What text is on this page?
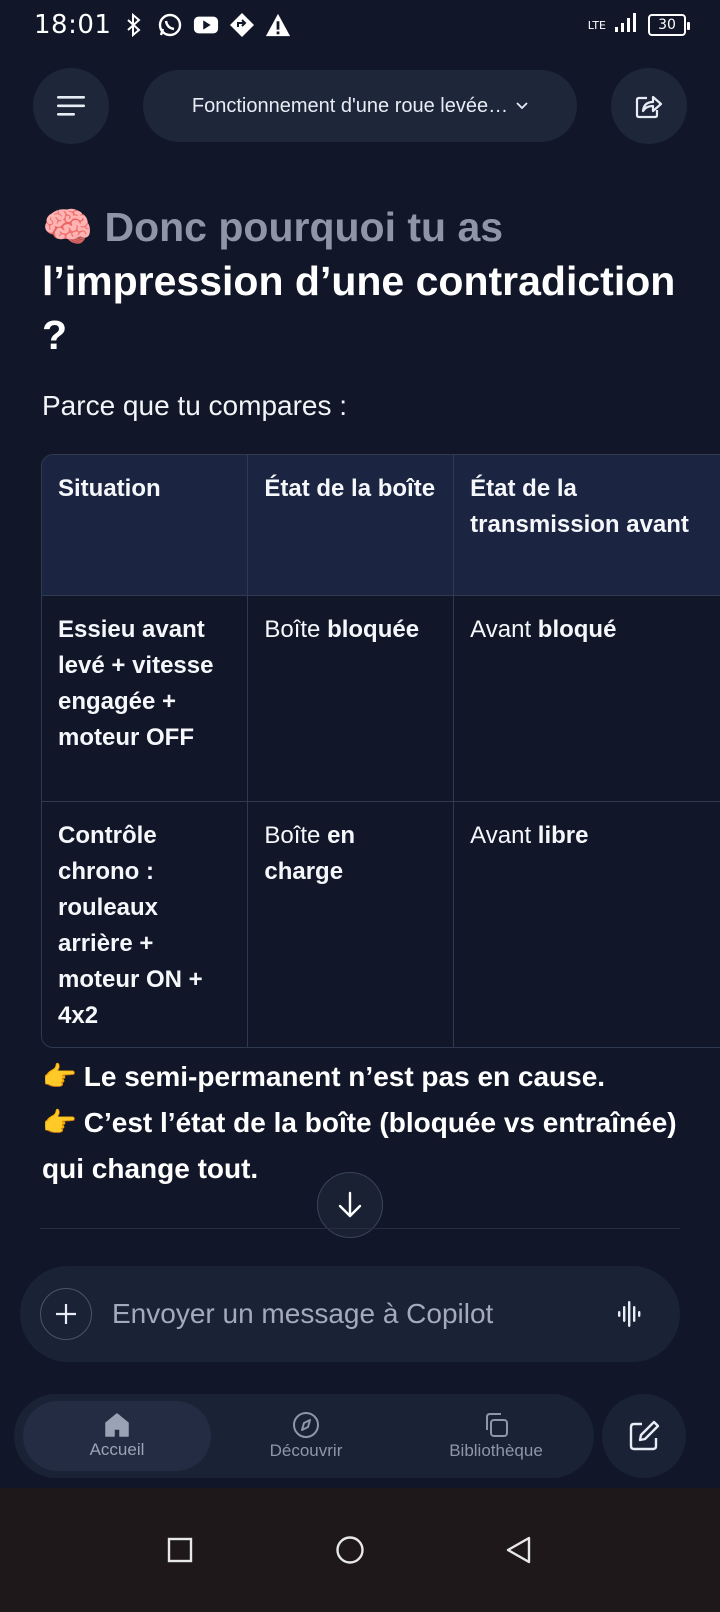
18:01	LTE	30
Fonctionnement d'une roue levée…
🧠 Donc pourquoi tu as
l’impression d’une contradiction ?
Parce que tu compares :
Situation	État de la boîte	État de la transmission avant
Essieu avant levé + vitesse engagée + moteur OFF	Boîte bloquée	Avant bloqué
Contrôle chrono : rouleaux arrière + moteur ON + 4x2	Boîte en charge	Avant libre
👉 Le semi-permanent n’est pas en cause.
👉 C’est l’état de la boîte (bloquée vs entraînée) qui change tout.
Envoyer un message à Copilot
Accueil	Découvrir	Bibliothèque
